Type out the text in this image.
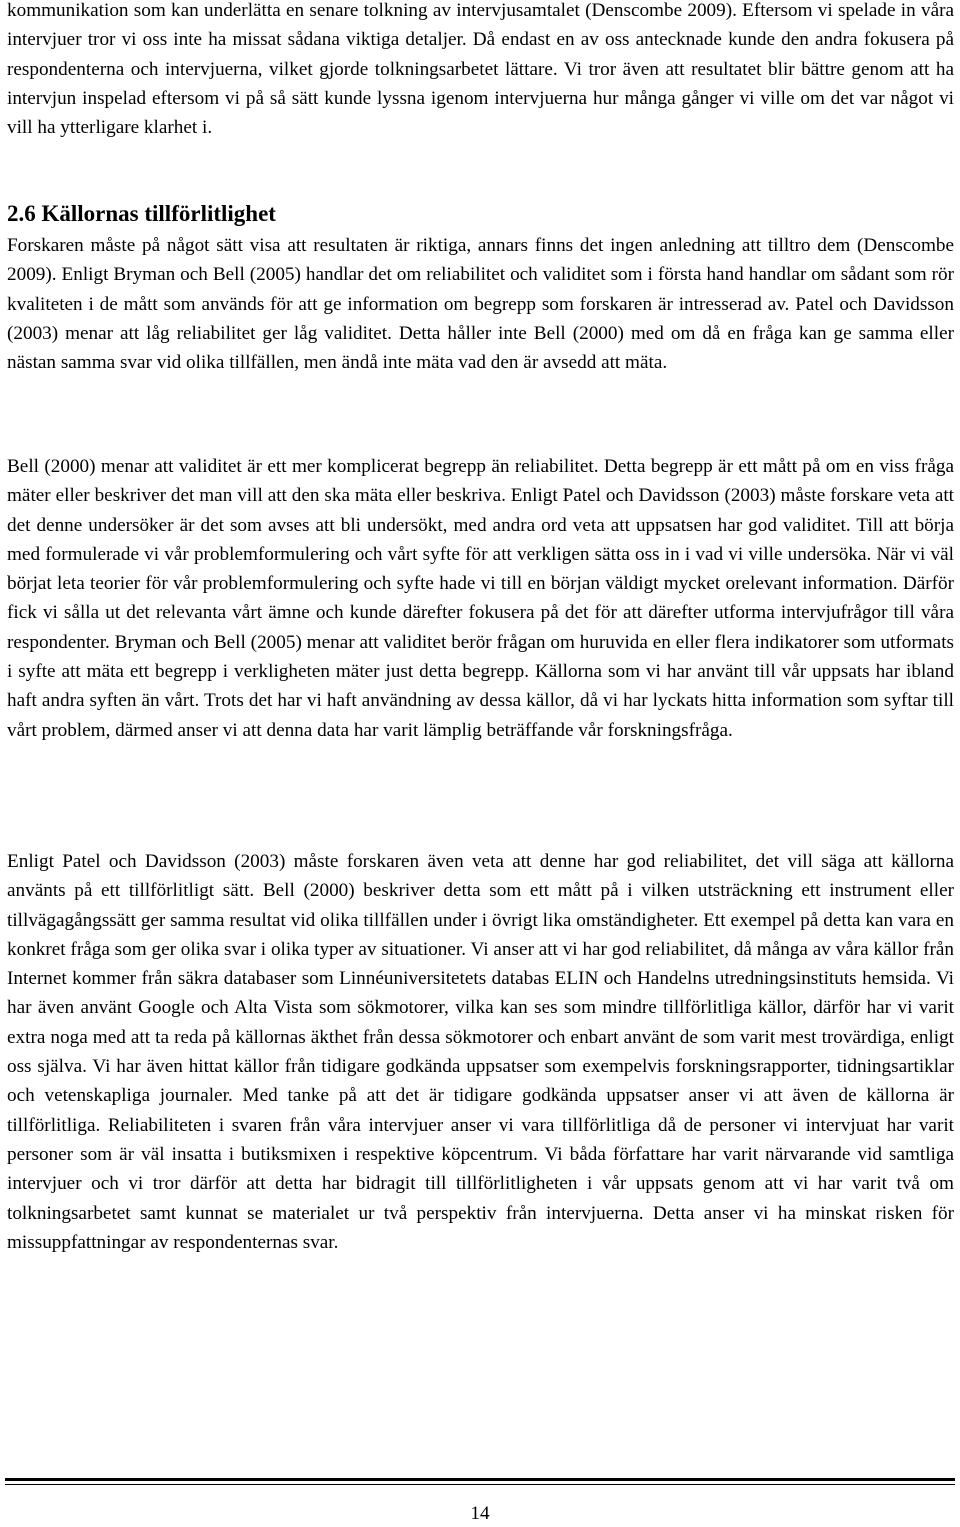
kommunikation som kan underlätta en senare tolkning av intervjusamtalet (Denscombe 2009). Eftersom vi spelade in våra intervjuer tror vi oss inte ha missat sådana viktiga detaljer. Då endast en av oss antecknade kunde den andra fokusera på respondenterna och intervjuerna, vilket gjorde tolkningsarbetet lättare. Vi tror även att resultatet blir bättre genom att ha intervjun inspelad eftersom vi på så sätt kunde lyssna igenom intervjuerna hur många gånger vi ville om det var något vi vill ha ytterligare klarhet i.

2.6 Källornas tillförlitlighet

Forskaren måste på något sätt visa att resultaten är riktiga, annars finns det ingen anledning att tilltro dem (Denscombe 2009). Enligt Bryman och Bell (2005) handlar det om reliabilitet och validitet som i första hand handlar om sådant som rör kvaliteten i de mått som används för att ge information om begrepp som forskaren är intresserad av. Patel och Davidsson (2003) menar att låg reliabilitet ger låg validitet. Detta håller inte Bell (2000) med om då en fråga kan ge samma eller nästan samma svar vid olika tillfällen, men ändå inte mäta vad den är avsedd att mäta.

Bell (2000) menar att validitet är ett mer komplicerat begrepp än reliabilitet. Detta begrepp är ett mått på om en viss fråga mäter eller beskriver det man vill att den ska mäta eller beskriva. Enligt Patel och Davidsson (2003) måste forskare veta att det denne undersöker är det som avses att bli undersökt, med andra ord veta att uppsatsen har god validitet. Till att börja med formulerade vi vår problemformulering och vårt syfte för att verkligen sätta oss in i vad vi ville undersöka. När vi väl börjat leta teorier för vår problemformulering och syfte hade vi till en början väldigt mycket orelevant information. Därför fick vi sålla ut det relevanta vårt ämne och kunde därefter fokusera på det för att därefter utforma intervjufrågor till våra respondenter. Bryman och Bell (2005) menar att validitet berör frågan om huruvida en eller flera indikatorer som utformats i syfte att mäta ett begrepp i verkligheten mäter just detta begrepp. Källorna som vi har använt till vår uppsats har ibland haft andra syften än vårt. Trots det har vi haft användning av dessa källor, då vi har lyckats hitta information som syftar till vårt problem, därmed anser vi att denna data har varit lämplig beträffande vår forskningsfråga.

Enligt Patel och Davidsson (2003) måste forskaren även veta att denne har god reliabilitet, det vill säga att källorna använts på ett tillförlitligt sätt. Bell (2000) beskriver detta som ett mått på i vilken utsträckning ett instrument eller tillvägagångssätt ger samma resultat vid olika tillfällen under i övrigt lika omständigheter. Ett exempel på detta kan vara en konkret fråga som ger olika svar i olika typer av situationer. Vi anser att vi har god reliabilitet, då många av våra källor från Internet kommer från säkra databaser som Linnéuniversitetets databas ELIN och Handelns utredningsinstituts hemsida. Vi har även använt Google och Alta Vista som sökmotorer, vilka kan ses som mindre tillförlitliga källor, därför har vi varit extra noga med att ta reda på källornas äkthet från dessa sökmotorer och enbart använt de som varit mest trovärdiga, enligt oss själva. Vi har även hittat källor från tidigare godkända uppsatser som exempelvis forskningsrapporter, tidningsartiklar och vetenskapliga journaler. Med tanke på att det är tidigare godkända uppsatser anser vi att även de källorna är tillförlitliga. Reliabiliteten i svaren från våra intervjuer anser vi vara tillförlitliga då de personer vi intervjuat har varit personer som är väl insatta i butiksmixen i respektive köpcentrum. Vi båda författare har varit närvarande vid samtliga intervjuer och vi tror därför att detta har bidragit till tillförlitligheten i vår uppsats genom att vi har varit två om tolkningsarbetet samt kunnat se materialet ur två perspektiv från intervjuerna. Detta anser vi ha minskat risken för missuppfattningar av respondenternas svar.

14
